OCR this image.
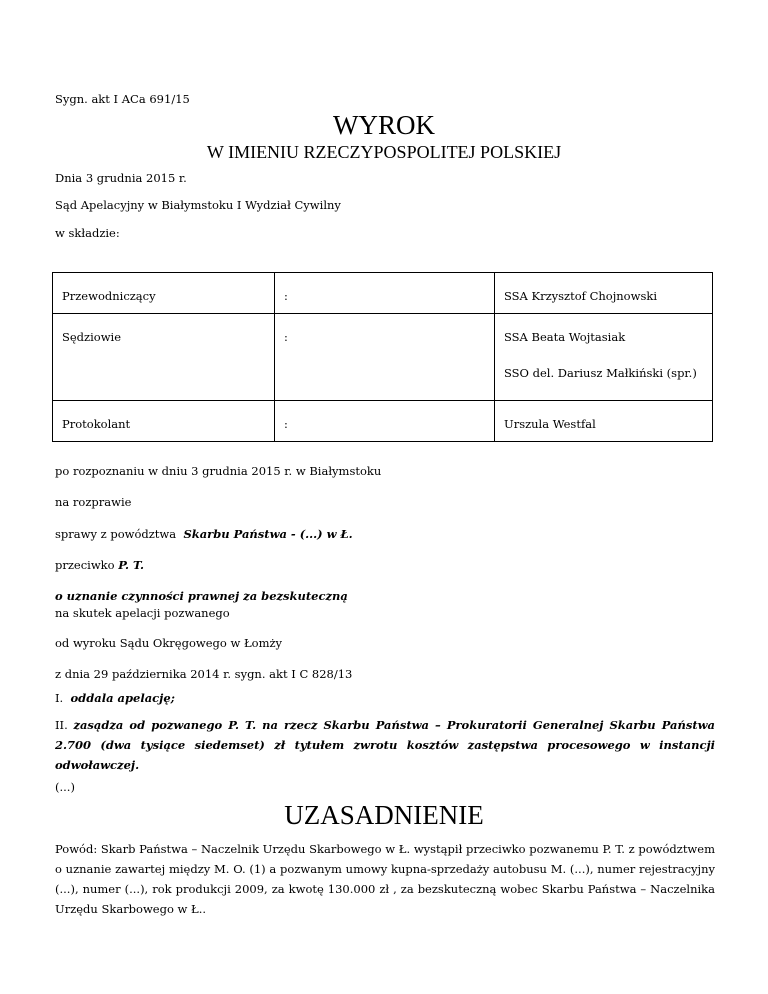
Sygn. akt I ACa 691/15
WYROK
W IMIENIU RZECZYPOSPOLITEJ POLSKIEJ
Dnia 3 grudnia 2015 r.
Sąd Apelacyjny w Białymstoku I Wydział Cywilny
w składzie:
Przewodniczący	:	SSA Krzysztof Chojnowski

Sędziowie	:	SSA Beata Wojtasiak
SSO del. Dariusz Małkiński (spr.)

Protokolant	:	Urszula Westfal
po rozpoznaniu w dniu 3 grudnia 2015 r. w Białymstoku
na rozprawie
sprawy z powództwa Skarbu Państwa - (...) w Ł.
przeciwko P. T.
o uznanie czynności prawnej za bezskuteczną
na skutek apelacji pozwanego
od wyroku Sądu Okręgowego w Łomży
z dnia 29 października 2014 r. sygn. akt I C 828/13
I. oddala apelację;
II. zasądza od pozwanego P. T. na rzecz Skarbu Państwa – Prokuratorii Generalnej Skarbu Państwa 2.700 (dwa tysiące siedemset) zł tytułem zwrotu kosztów zastępstwa procesowego w instancji odwoławczej.
(...)
UZASADNIENIE
Powód: Skarb Państwa – Naczelnik Urzędu Skarbowego w Ł. wystąpił przeciwko pozwanemu P. T. z powództwem o uznanie zawartej między M. O. (1) a pozwanym umowy kupna-sprzedaży autobusu M. (...), numer rejestracyjny (...), numer (...), rok produkcji 2009, za kwotę 130.000 zł , za bezskuteczną wobec Skarbu Państwa – Naczelnika Urzędu Skarbowego w Ł..
